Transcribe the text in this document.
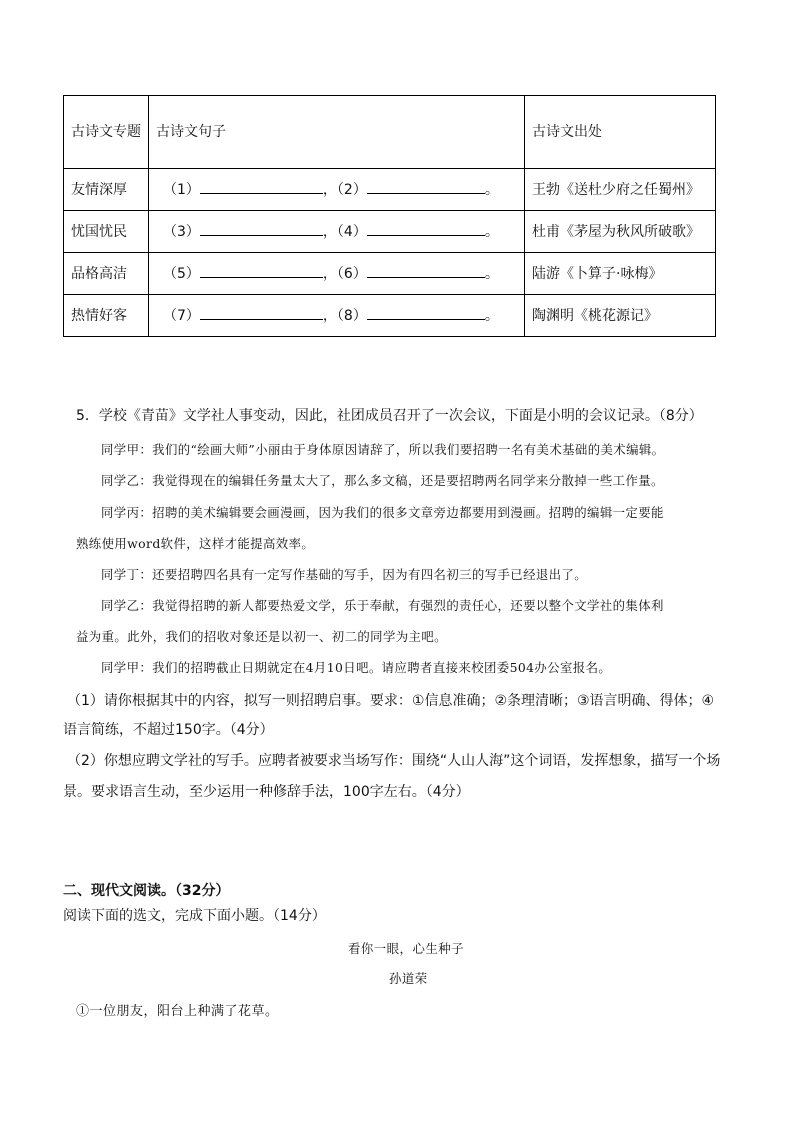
古诗文专题	古诗文句子	古诗文出处
友情深厚	（1） ，（2） 。	王勃《送杜少府之任蜀州》
忧国忧民	（3） ，（4） 。	杜甫《茅屋为秋风所破歌》
品格高洁	（5） ，（6） 。	陆游《卜算子·咏梅》
热情好客	（7） ，（8） 。	陶渊明《桃花源记》
5．学校《青苗》文学社人事变动，因此，社团成员召开了一次会议，下面是小明的会议记录。（8分）
同学甲：我们的“绘画大师”小丽由于身体原因请辞了，所以我们要招聘一名有美术基础的美术编辑。
同学乙：我觉得现在的编辑任务量太大了，那么多文稿，还是要招聘两名同学来分散掉一些工作量。
同学丙：招聘的美术编辑要会画漫画，因为我们的很多文章旁边都要用到漫画。招聘的编辑一定要能
熟练使用word软件，这样才能提高效率。
同学丁：还要招聘四名具有一定写作基础的写手，因为有四名初三的写手已经退出了。
同学乙：我觉得招聘的新人都要热爱文学，乐于奉献，有强烈的责任心，还要以整个文学社的集体利
益为重。此外，我们的招收对象还是以初一、初二的同学为主吧。
同学甲：我们的招聘截止日期就定在4月10日吧。请应聘者直接来校团委504办公室报名。
（1）请你根据其中的内容，拟写一则招聘启事。要求：①信息准确；②条理清晰；③语言明确、得体；④
语言简练，不超过150字。（4分）
（2）你想应聘文学社的写手。应聘者被要求当场写作：围绕“人山人海”这个词语，发挥想象，描写一个场
景。要求语言生动，至少运用一种修辞手法，100字左右。（4分）
二、现代文阅读。（32分）
阅读下面的选文，完成下面小题。（14分）
看你一眼，心生种子
孙道荣
①一位朋友，阳台上种满了花草。
